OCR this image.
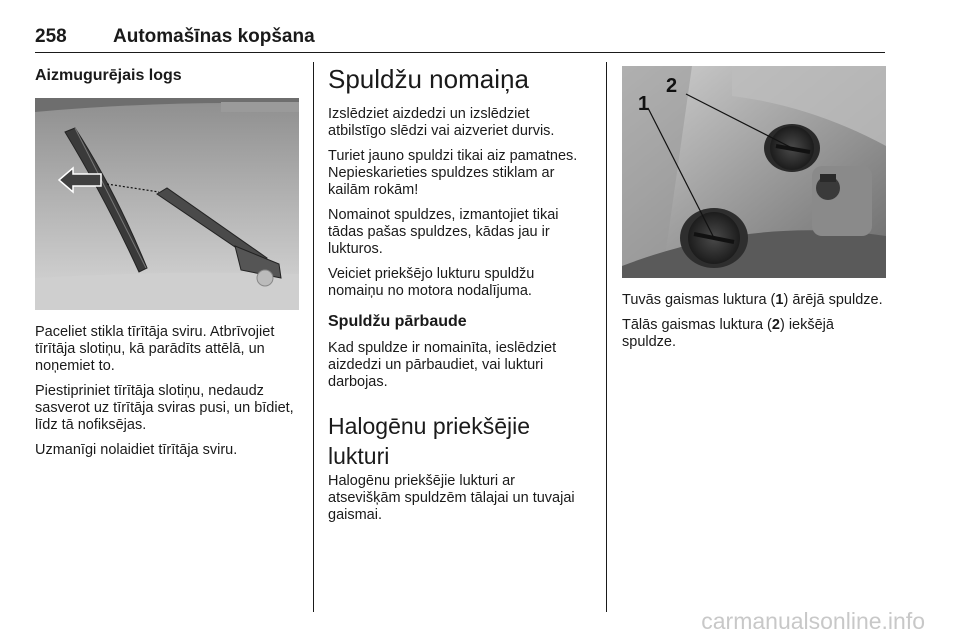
258 Automašīnas kopšana
Aizmugurējais logs

Paceliet stikla tīrītāja sviru. Atbrīvojiet tīrītāja slotiņu, kā parādīts attēlā, un noņemiet to.

Piestipriniet tīrītāja slotiņu, nedaudz sasverot uz tīrītāja sviras pusi, un bīdiet, līdz tā nofiksējas.

Uzmanīgi nolaidiet tīrītāja sviru.

Spuldžu nomaiņa

Izslēdziet aizdedzi un izslēdziet atbilstīgo slēdzi vai aizveriet durvis.

Turiet jauno spuldzi tikai aiz pamatnes. Nepieskarieties spuldzes stiklam ar kailām rokām!

Nomainot spuldzes, izmantojiet tikai tādas pašas spuldzes, kādas jau ir lukturos.

Veiciet priekšējo lukturu spuldžu nomaiņu no motora nodalījuma.

Spuldžu pārbaude

Kad spuldze ir nomainīta, ieslēdziet aizdedzi un pārbaudiet, vai lukturi darbojas.

Halogēnu priekšējie lukturi

Halogēnu priekšējie lukturi ar atsevišķām spuldzēm tālajai un tuvajai gaismai.

1
2

Tuvās gaismas luktura (1) ārējā spuldze.

Tālās gaismas luktura (2) iekšējā spuldze.

carmanualsonline.info
